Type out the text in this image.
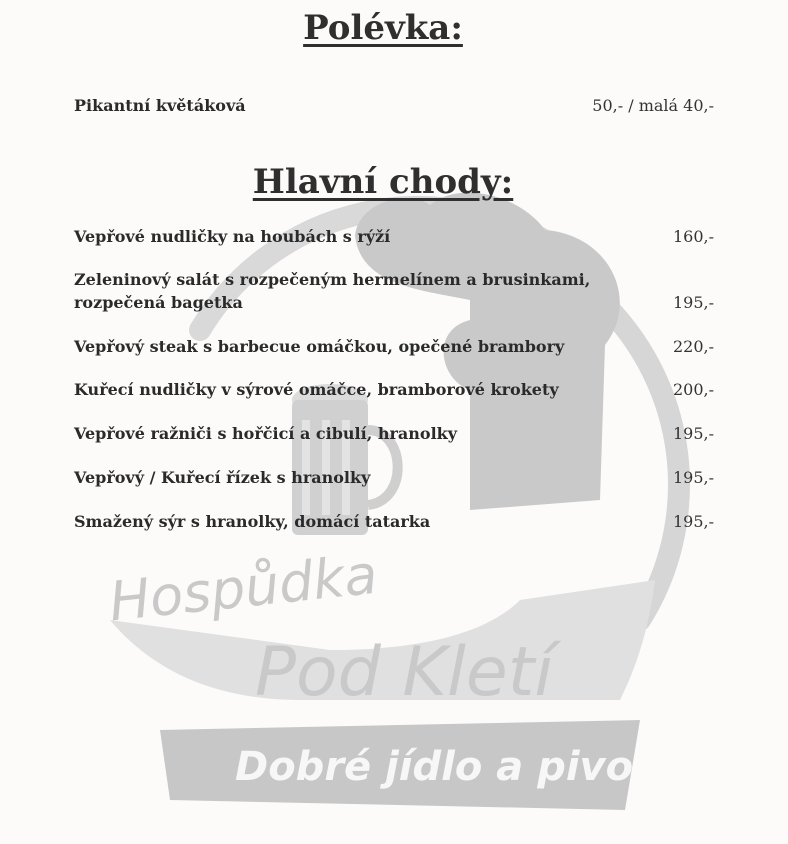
Hospůdka
Pod Kletí
Dobré jídlo a pivo
Polévka:
Pikantní květáková	50,- / malá 40,-
Hlavní chody:
Vepřové nudličky na houbách s rýží	160,-
Zeleninový salát s rozpečeným hermelínem a brusinkami, rozpečená bagetka	195,-
Vepřový steak s barbecue omáčkou, opečené brambory	220,-
Kuřecí nudličky v sýrové omáčce, bramborové krokety	200,-
Vepřové ražniči s hořčicí a cibulí, hranolky	195,-
Vepřový / Kuřecí řízek s hranolky	195,-
Smažený sýr s hranolky, domácí tatarka	195,-
